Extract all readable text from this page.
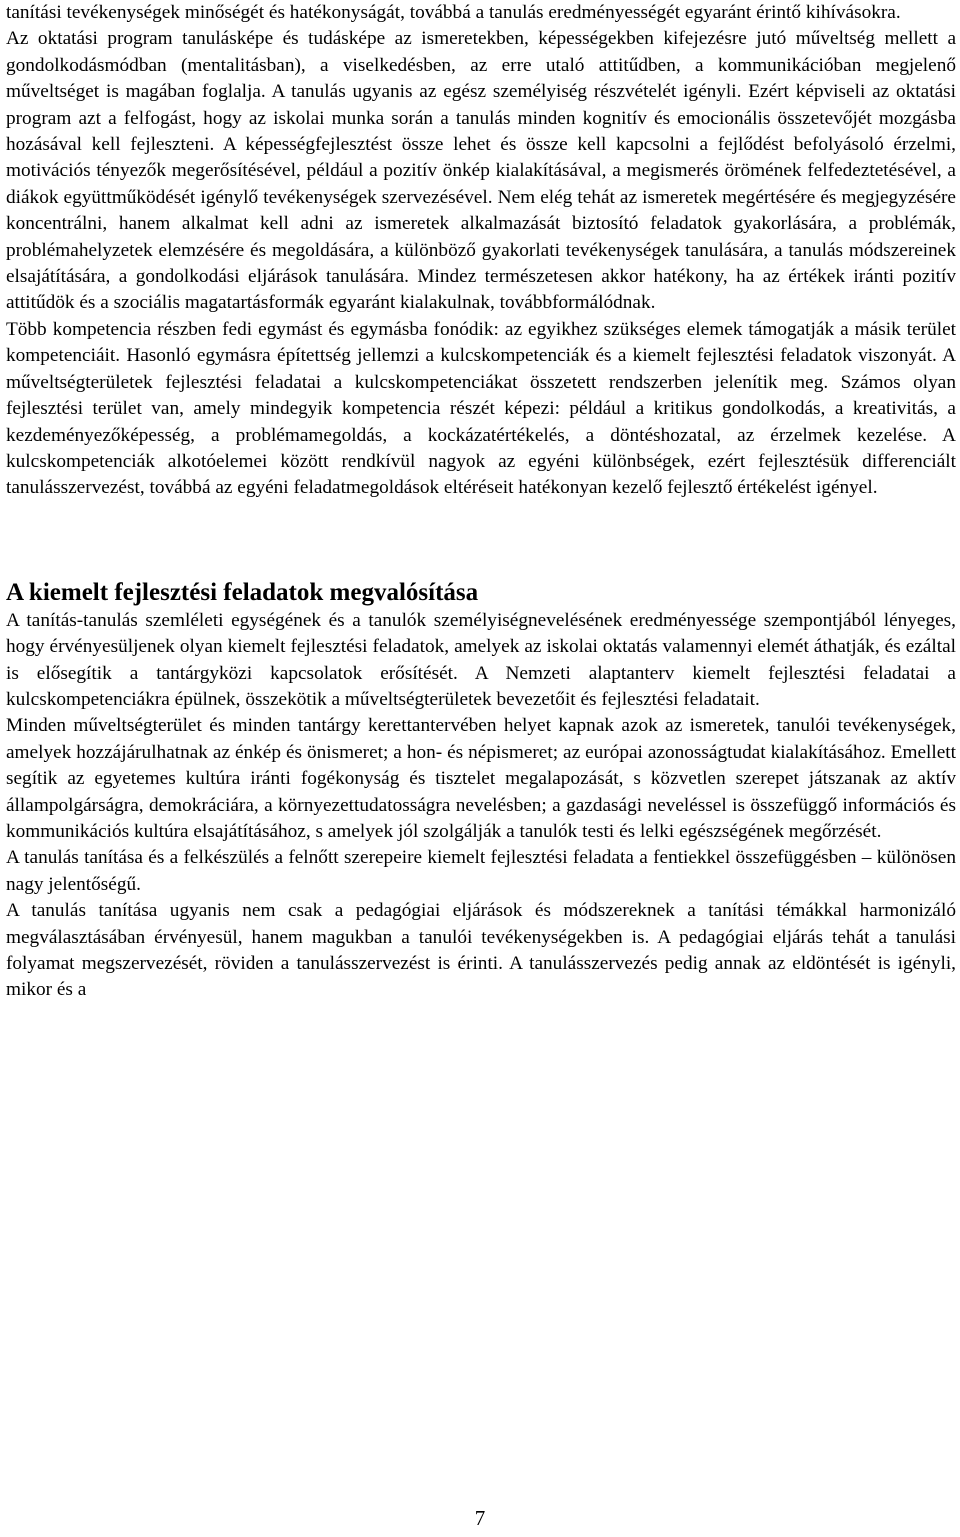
tanítási tevékenységek minőségét és hatékonyságát, továbbá a tanulás eredményességét egyaránt érintő kihívásokra.

Az oktatási program tanulásképe és tudásképe az ismeretekben, képességekben kifejezésre jutó műveltség mellett a gondolkodásmódban (mentalitásban), a viselkedésben, az erre utaló attitűdben, a kommunikációban megjelenő műveltséget is magában foglalja. A tanulás ugyanis az egész személyiség részvételét igényli. Ezért képviseli az oktatási program azt a felfogást, hogy az iskolai munka során a tanulás minden kognitív és emocionális összetevőjét mozgásba hozásával kell fejleszteni. A képességfejlesztést össze lehet és össze kell kapcsolni a fejlődést befolyásoló érzelmi, motivációs tényezők megerősítésével, például a pozitív önkép kialakításával, a megismerés örömének felfedeztetésével, a diákok együttműködését igénylő tevékenységek szervezésével. Nem elég tehát az ismeretek megértésére és megjegyzésére koncentrálni, hanem alkalmat kell adni az ismeretek alkalmazását biztosító feladatok gyakorlására, a problémák, problémahelyzetek elemzésére és megoldására, a különböző gyakorlati tevékenységek tanulására, a tanulás módszereinek elsajátítására, a gondolkodási eljárások tanulására. Mindez természetesen akkor hatékony, ha az értékek iránti pozitív attitűdök és a szociális magatartásformák egyaránt kialakulnak, továbbformálódnak.

Több kompetencia részben fedi egymást és egymásba fonódik: az egyikhez szükséges elemek támogatják a másik terület kompetenciáit. Hasonló egymásra építettség jellemzi a kulcskompetenciák és a kiemelt fejlesztési feladatok viszonyát. A műveltségterületek fejlesztési feladatai a kulcskompetenciákat összetett rendszerben jelenítik meg. Számos olyan fejlesztési terület van, amely mindegyik kompetencia részét képezi: például a kritikus gondolkodás, a kreativitás, a kezdeményezőképesség, a problémamegoldás, a kockázatértékelés, a döntéshozatal, az érzelmek kezelése. A kulcskompetenciák alkotóelemei között rendkívül nagyok az egyéni különbségek, ezért fejlesztésük differenciált tanulásszervezést, továbbá az egyéni feladatmegoldások eltéréseit hatékonyan kezelő fejlesztő értékelést igényel.

A kiemelt fejlesztési feladatok megvalósítása

A tanítás-tanulás szemléleti egységének és a tanulók személyiségnevelésének eredményessége szempontjából lényeges, hogy érvényesüljenek olyan kiemelt fejlesztési feladatok, amelyek az iskolai oktatás valamennyi elemét áthatják, és ezáltal is elősegítik a tantárgyközi kapcsolatok erősítését. A Nemzeti alaptanterv kiemelt fejlesztési feladatai a kulcskompetenciákra épülnek, összekötik a műveltségterületek bevezetőit és fejlesztési feladatait.

Minden műveltségterület és minden tantárgy kerettantervében helyet kapnak azok az ismeretek, tanulói tevékenységek, amelyek hozzájárulhatnak az énkép és önismeret; a hon- és népismeret; az európai azonosságtudat kialakításához. Emellett segítik az egyetemes kultúra iránti fogékonyság és tisztelet megalapozását, s közvetlen szerepet játszanak az aktív állampolgárságra, demokráciára, a környezettudatosságra nevelésben; a gazdasági neveléssel is összefüggő információs és kommunikációs kultúra elsajátításához, s amelyek jól szolgálják a tanulók testi és lelki egészségének megőrzését.

A tanulás tanítása és a felkészülés a felnőtt szerepeire kiemelt fejlesztési feladata a fentiekkel összefüggésben – különösen nagy jelentőségű.

A tanulás tanítása ugyanis nem csak a pedagógiai eljárások és módszereknek a tanítási témákkal harmonizáló megválasztásában érvényesül, hanem magukban a tanulói tevékenységekben is. A pedagógiai eljárás tehát a tanulási folyamat megszervezését, röviden a tanulásszervezést is érinti. A tanulásszervezés pedig annak az eldöntését is igényli, mikor és a

7
